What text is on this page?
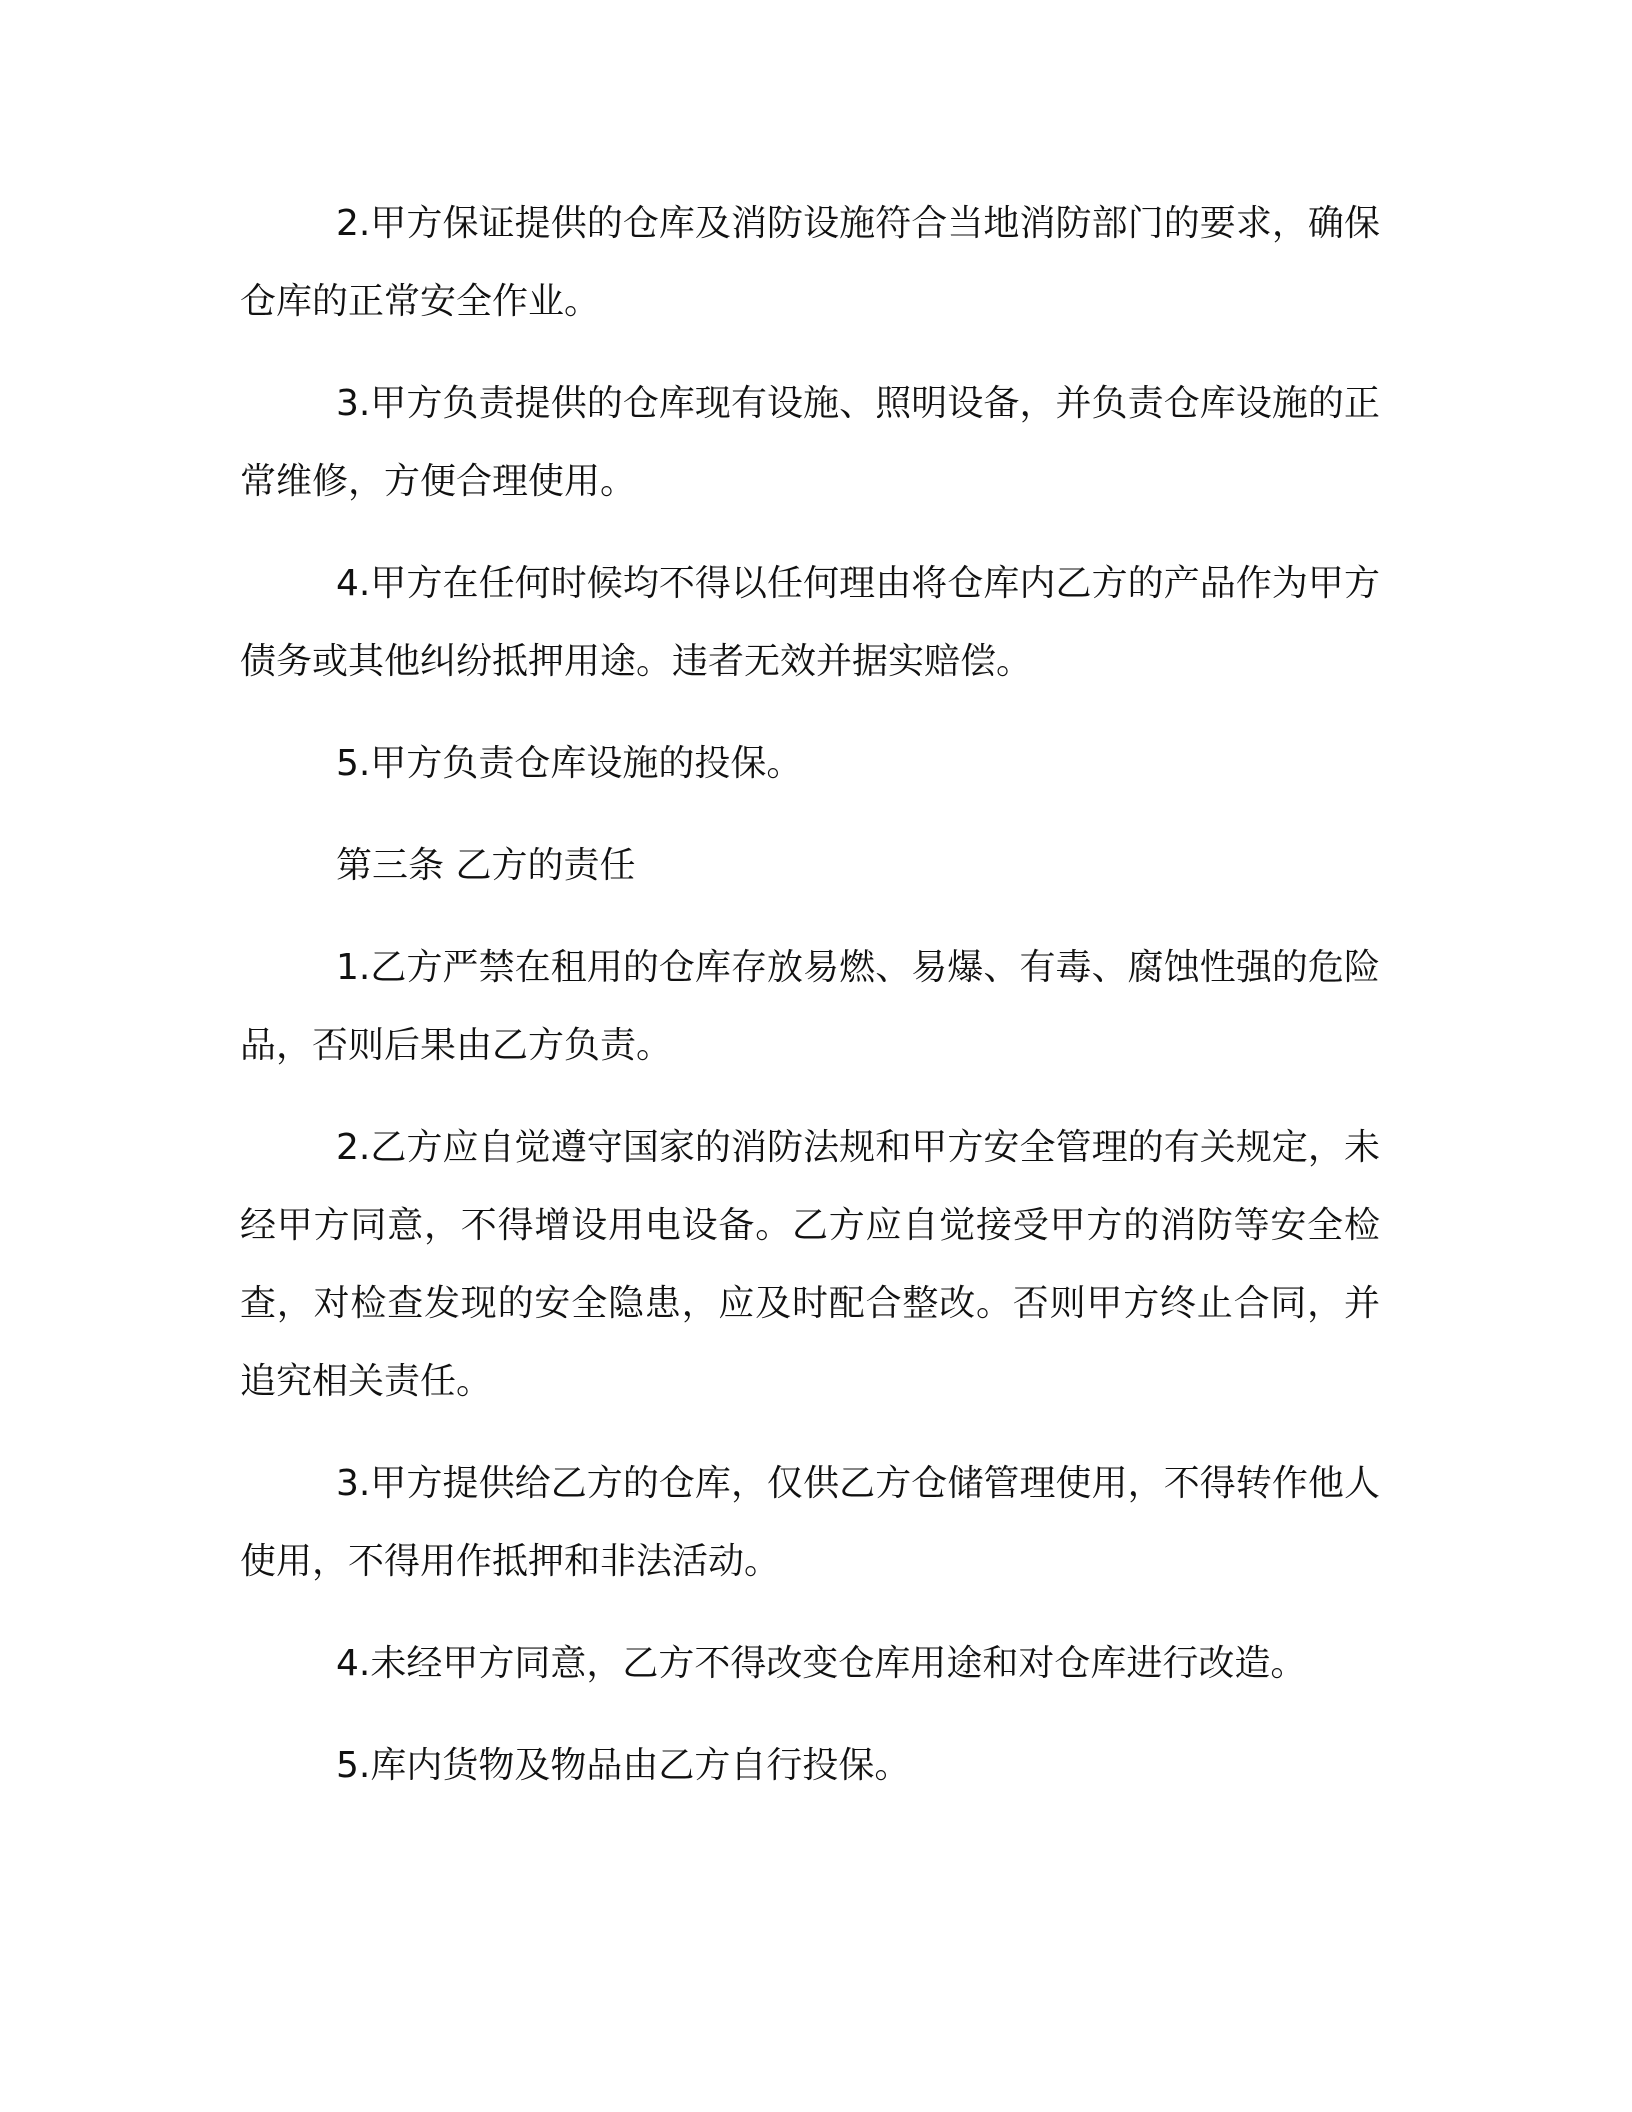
2.甲方保证提供的仓库及消防设施符合当地消防部门的要求，确保仓库的正常安全作业。

3.甲方负责提供的仓库现有设施、照明设备，并负责仓库设施的正常维修，方便合理使用。

4.甲方在任何时候均不得以任何理由将仓库内乙方的产品作为甲方债务或其他纠纷抵押用途。违者无效并据实赔偿。

5.甲方负责仓库设施的投保。

第三条 乙方的责任

1.乙方严禁在租用的仓库存放易燃、易爆、有毒、腐蚀性强的危险品，否则后果由乙方负责。

2.乙方应自觉遵守国家的消防法规和甲方安全管理的有关规定，未经甲方同意，不得增设用电设备。乙方应自觉接受甲方的消防等安全检查，对检查发现的安全隐患，应及时配合整改。否则甲方终止合同，并追究相关责任。

3.甲方提供给乙方的仓库，仅供乙方仓储管理使用，不得转作他人使用，不得用作抵押和非法活动。

4.未经甲方同意，乙方不得改变仓库用途和对仓库进行改造。

5.库内货物及物品由乙方自行投保。
